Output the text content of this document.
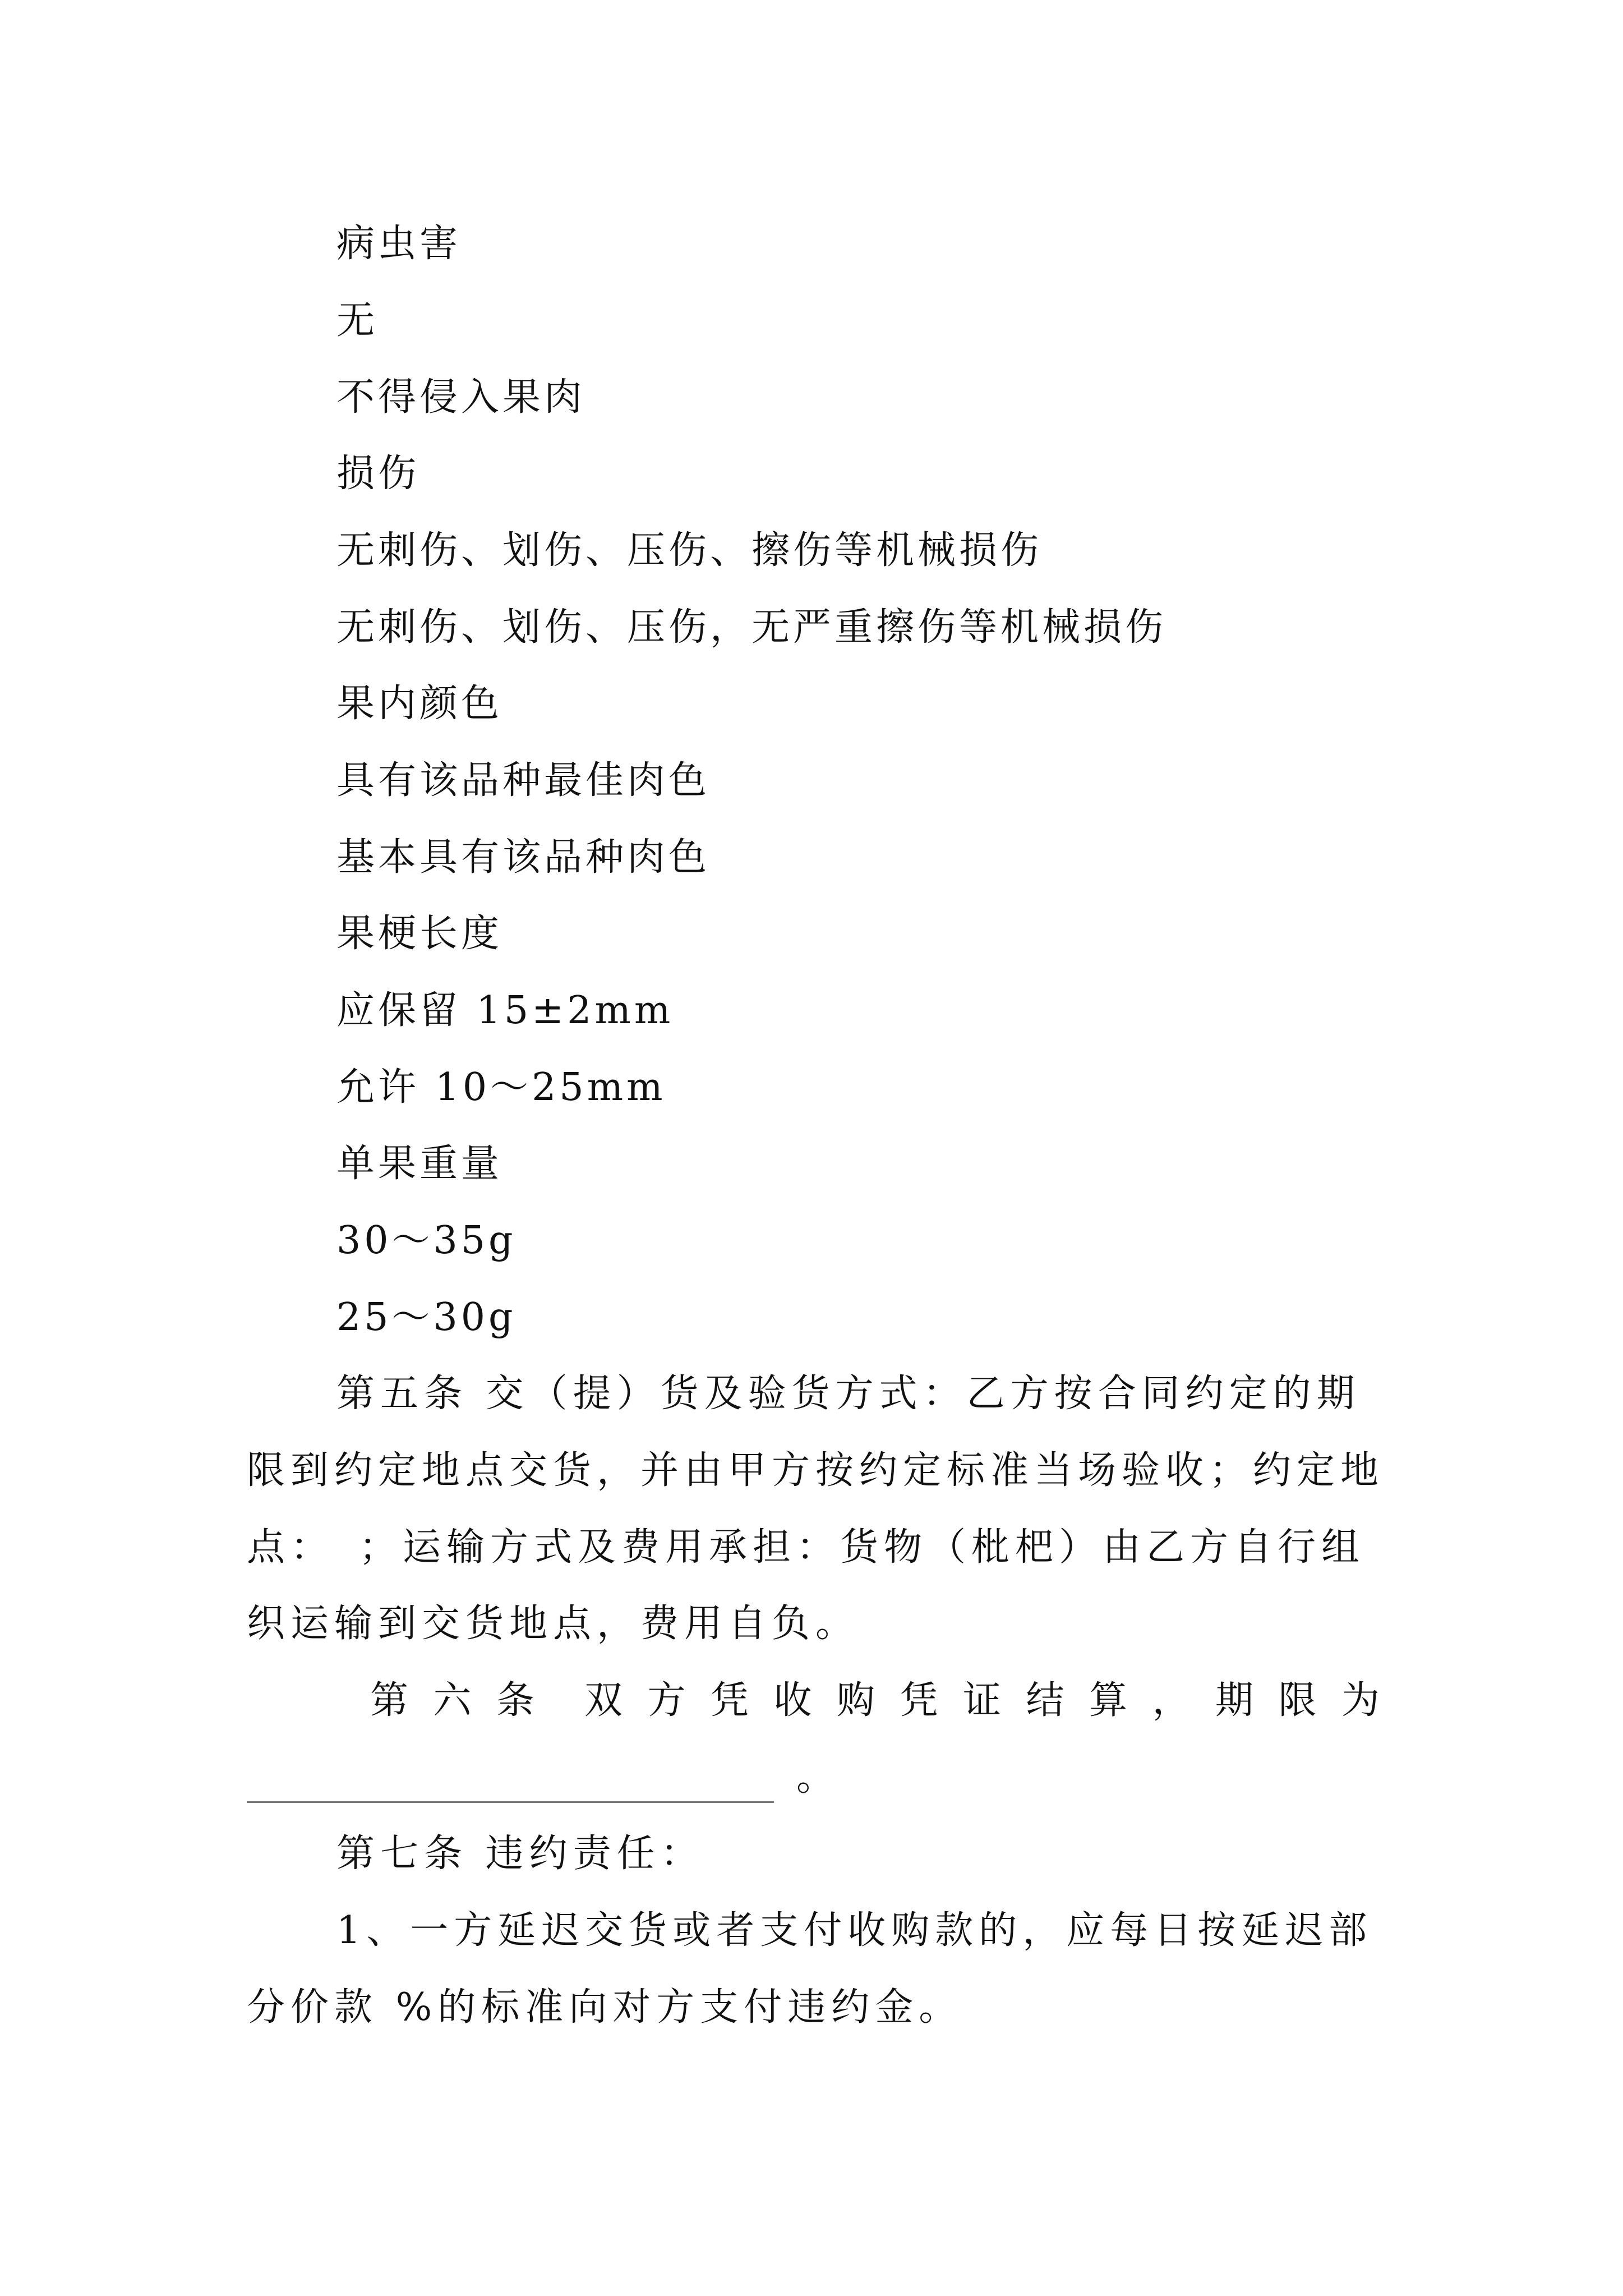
病虫害
无
不得侵入果肉
损伤
无刺伤、划伤、压伤、擦伤等机械损伤
无刺伤、划伤、压伤，无严重擦伤等机械损伤
果内颜色
具有该品种最佳肉色
基本具有该品种肉色
果梗长度
应保留 15±2mm
允许 10～25mm
单果重量
30～35g
25～30g
第五条 交（提）货及验货方式：乙方按合同约定的期
限到约定地点交货，并由甲方按约定标准当场验收；约定地
点：　；运输方式及费用承担：货物（枇杷）由乙方自行组
织运输到交货地点，费用自负。
第 六 条 双 方 凭 收 购 凭 证 结 算 ， 期 限 为
。
第七条 违约责任：
1、一方延迟交货或者支付收购款的，应每日按延迟部
分价款 %的标准向对方支付违约金。
